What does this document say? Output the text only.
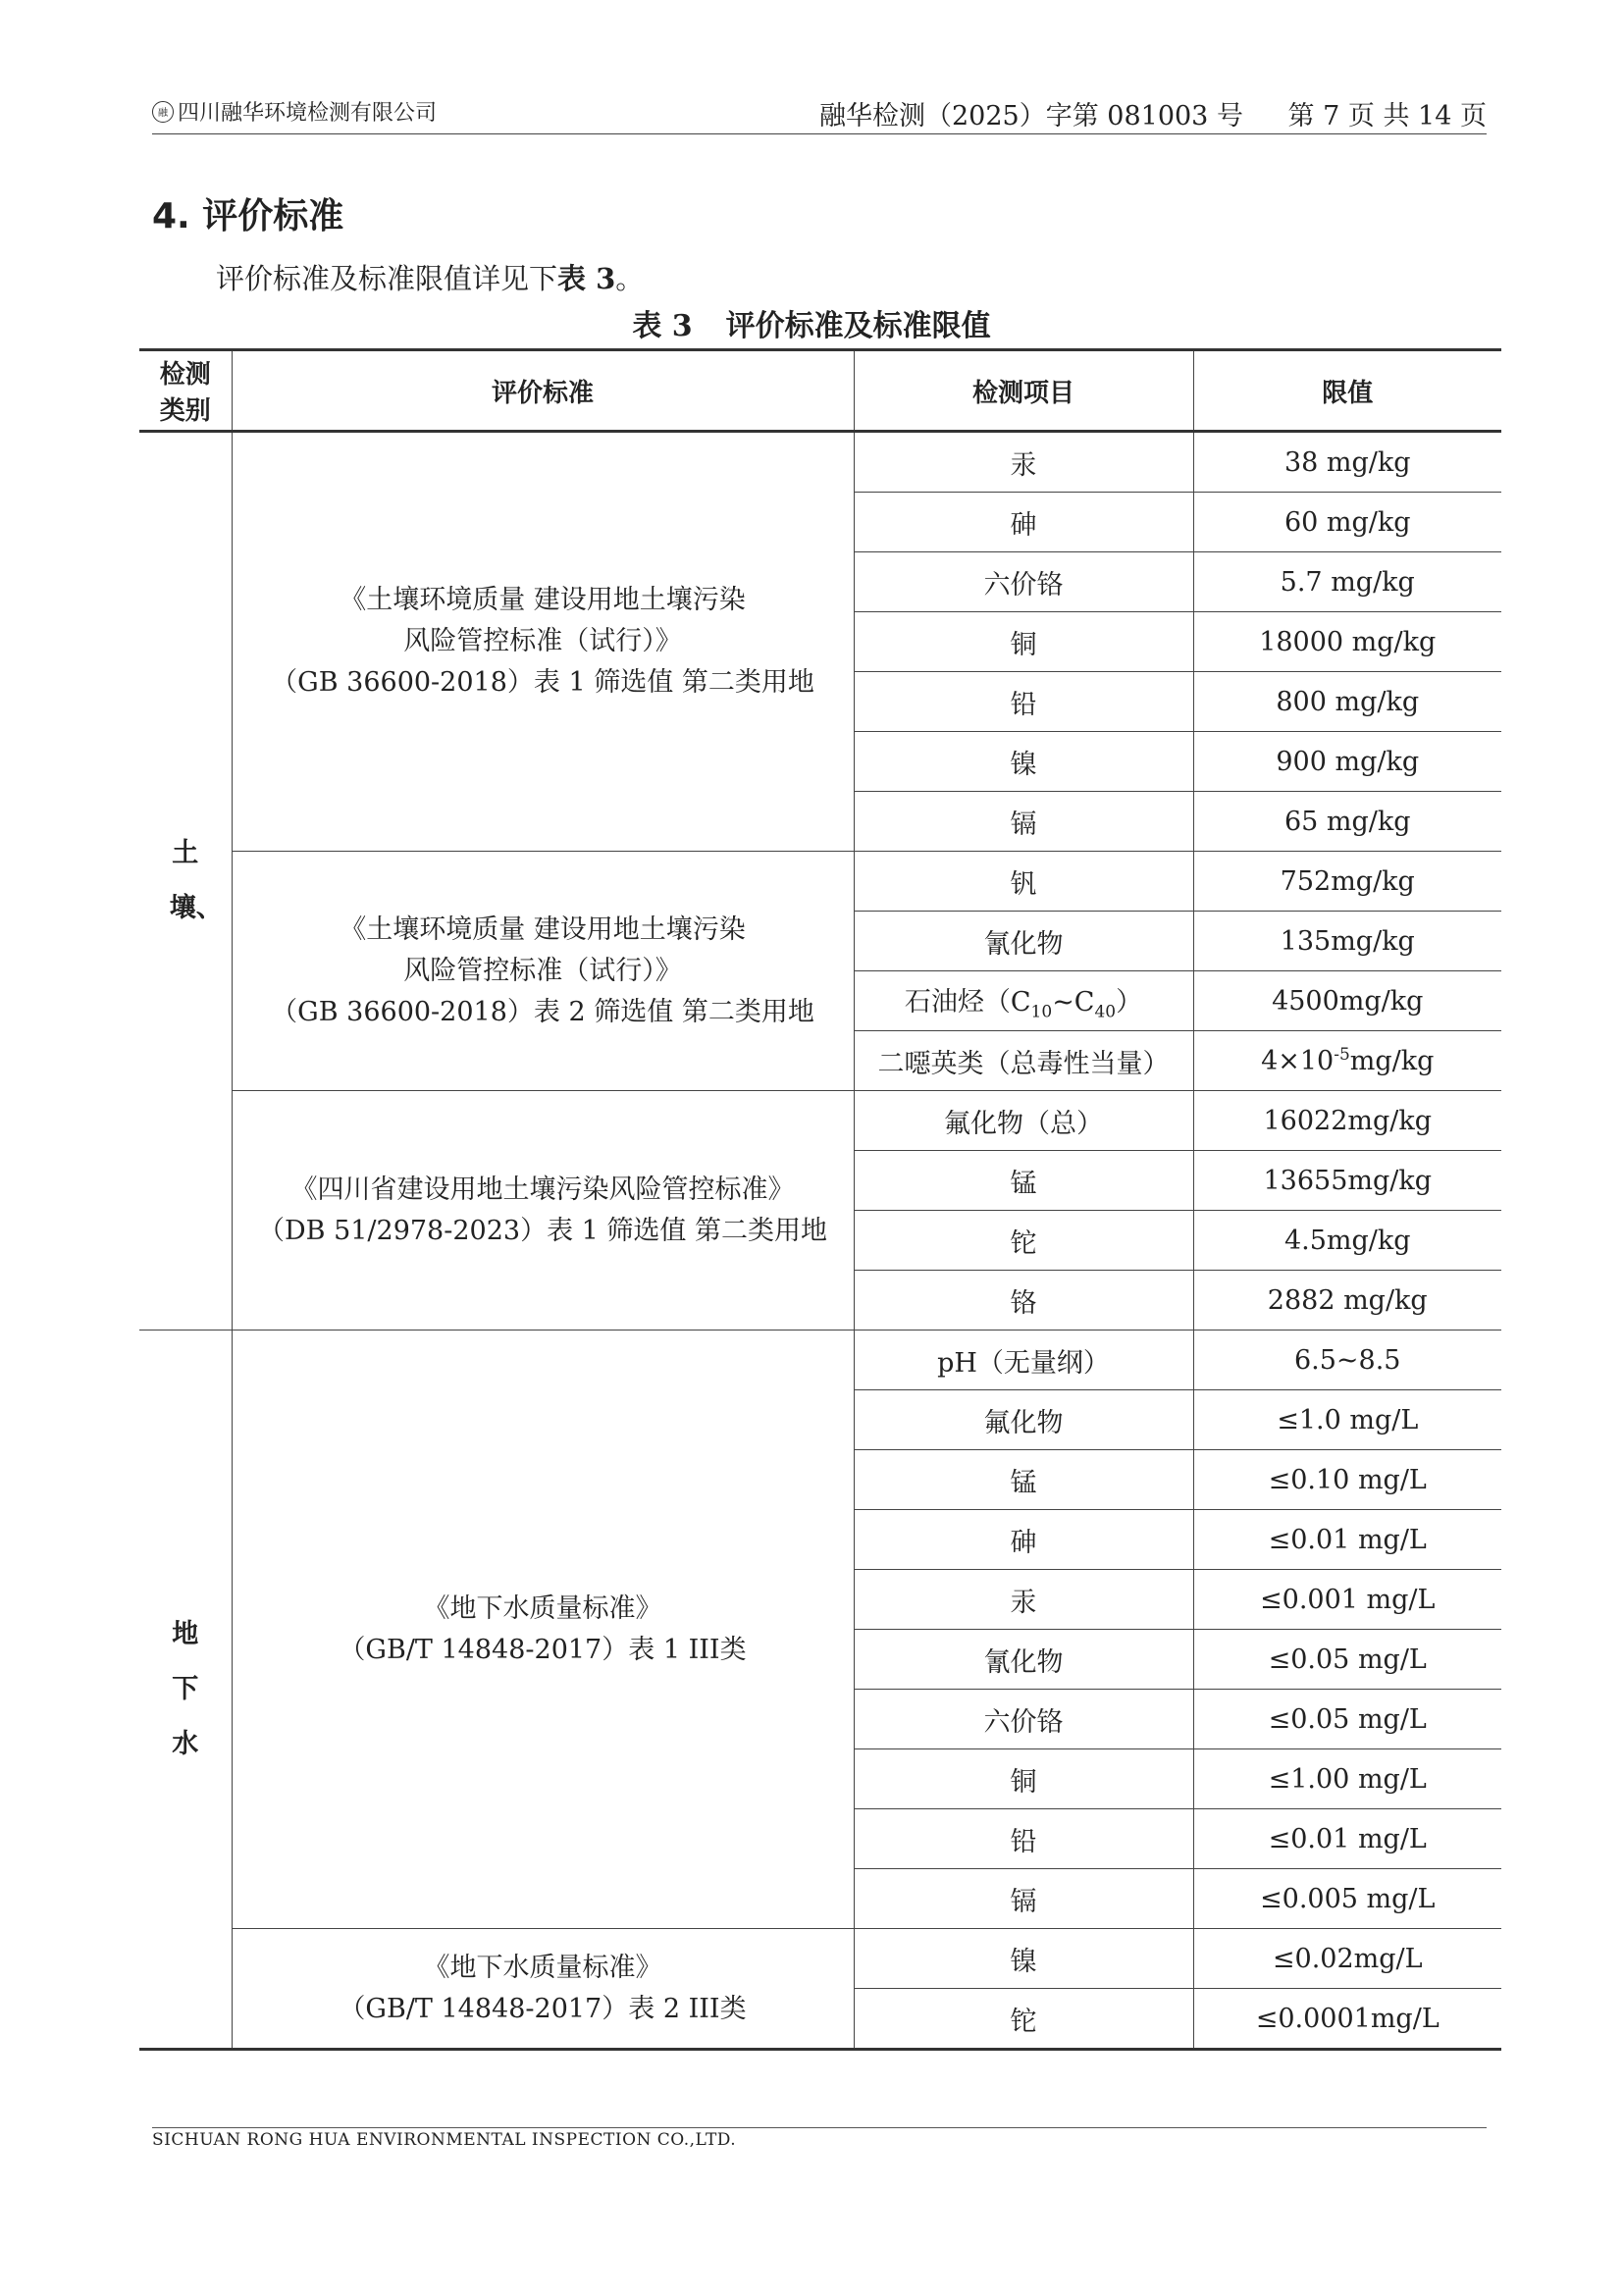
融 四川融华环境检测有限公司	融华检测（2025）字第 081003 号 第 7 页 共 14 页
4. 评价标准
评价标准及标准限值详见下表 3。
表 3 评价标准及标准限值
检测
类别	评价标准	检测项目	限值

土壤、	《土壤环境质量 建设用地土壤污染
风险管控标准（试行）》
（GB 36600-2018）表 1 筛选值 第二类用地	汞	38 mg/kg
		砷	60 mg/kg
		六价铬	5.7 mg/kg
		铜	18000 mg/kg
		铅	800 mg/kg
		镍	900 mg/kg
		镉	65 mg/kg

	《土壤环境质量 建设用地土壤污染
风险管控标准（试行）》
（GB 36600-2018）表 2 筛选值 第二类用地	钒	752mg/kg
		氰化物	135mg/kg
		石油烃$(C_{10}\sim C_{40})$	4500mg/kg
		二噁英类（总毒性当量）	$4\times 10^{-5}mg/kg$

	《四川省建设用地土壤污染风险管控标准》
（DB 51/2978-2023）表 1 筛选值 第二类用地	氟化物（总）	16022mg/kg
		锰	13655mg/kg
		铊	4.5mg/kg
		铬	2882 mg/kg

地下水	《地下水质量标准》
（GB/T 14848-2017）表 1 III类	pH（无量纲）	6.5~8.5
		氟化物	≤1.0 mg/L
		锰	≤0.10 mg/L
		砷	≤0.01 mg/L
		汞	≤0.001 mg/L
		氰化物	≤0.05 mg/L
		六价铬	≤0.05 mg/L
		铜	≤1.00 mg/L
		铅	≤0.01 mg/L
		镉	≤0.005 mg/L

	《地下水质量标准》
（GB/T 14848-2017）表 2 III类	镍	≤0.02mg/L
		铊	≤0.0001mg/L
SICHUAN RONG HUA ENVIRONMENTAL INSPECTION CO.,LTD.
